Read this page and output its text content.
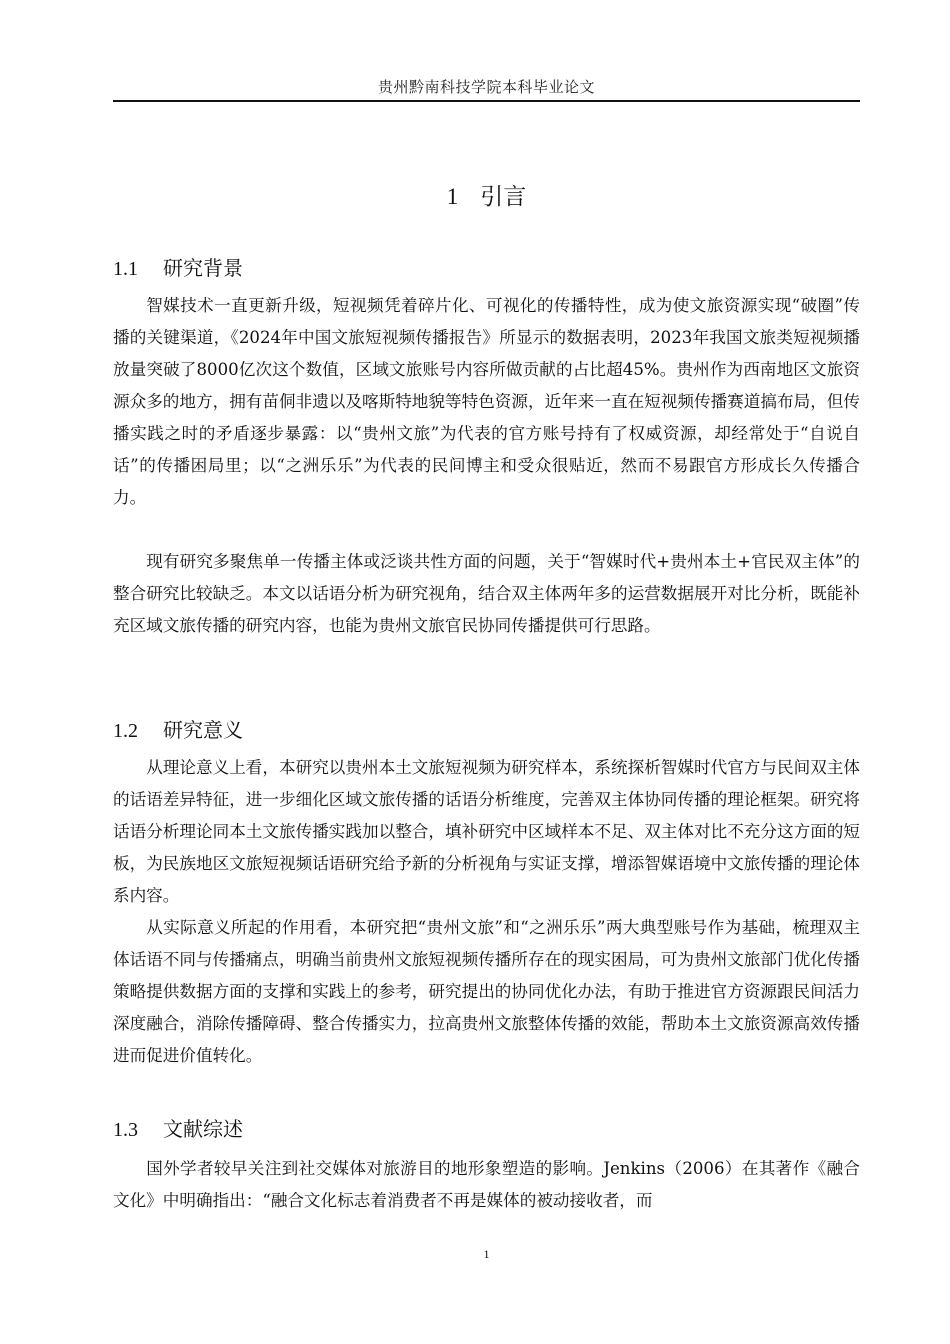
贵州黔南科技学院本科毕业论文
1 引言
1.1 研究背景

智媒技术一直更新升级，短视频凭着碎片化、可视化的传播特性，成为使文旅资源实现“破圈”传播的关键渠道，《2024年中国文旅短视频传播报告》所显示的数据表明，2023年我国文旅类短视频播放量突破了8000亿次这个数值，区域文旅账号内容所做贡献的占比超45%。贵州作为西南地区文旅资源众多的地方，拥有苗侗非遗以及喀斯特地貌等特色资源，近年来一直在短视频传播赛道搞布局，但传播实践之时的矛盾逐步暴露：以“贵州文旅”为代表的官方账号持有了权威资源，却经常处于“自说自话”的传播困局里；以“之洲乐乐”为代表的民间博主和受众很贴近，然而不易跟官方形成长久传播合力。

现有研究多聚焦单一传播主体或泛谈共性方面的问题，关于“智媒时代+贵州本土+官民双主体”的整合研究比较缺乏。本文以话语分析为研究视角，结合双主体两年多的运营数据展开对比分析，既能补充区域文旅传播的研究内容，也能为贵州文旅官民协同传播提供可行思路。

1.2 研究意义

从理论意义上看，本研究以贵州本土文旅短视频为研究样本，系统探析智媒时代官方与民间双主体的话语差异特征，进一步细化区域文旅传播的话语分析维度，完善双主体协同传播的理论框架。研究将话语分析理论同本土文旅传播实践加以整合，填补研究中区域样本不足、双主体对比不充分这方面的短板，为民族地区文旅短视频话语研究给予新的分析视角与实证支撑，增添智媒语境中文旅传播的理论体系内容。

从实际意义所起的作用看，本研究把“贵州文旅”和“之洲乐乐”两大典型账号作为基础，梳理双主体话语不同与传播痛点，明确当前贵州文旅短视频传播所存在的现实困局，可为贵州文旅部门优化传播策略提供数据方面的支撑和实践上的参考，研究提出的协同优化办法，有助于推进官方资源跟民间活力深度融合，消除传播障碍、整合传播实力，拉高贵州文旅整体传播的效能，帮助本土文旅资源高效传播进而促进价值转化。

1.3 文献综述

国外学者较早关注到社交媒体对旅游目的地形象塑造的影响。Jenkins（2006）在其著作《融合文化》中明确指出：“融合文化标志着消费者不再是媒体的被动接收者，而

1
